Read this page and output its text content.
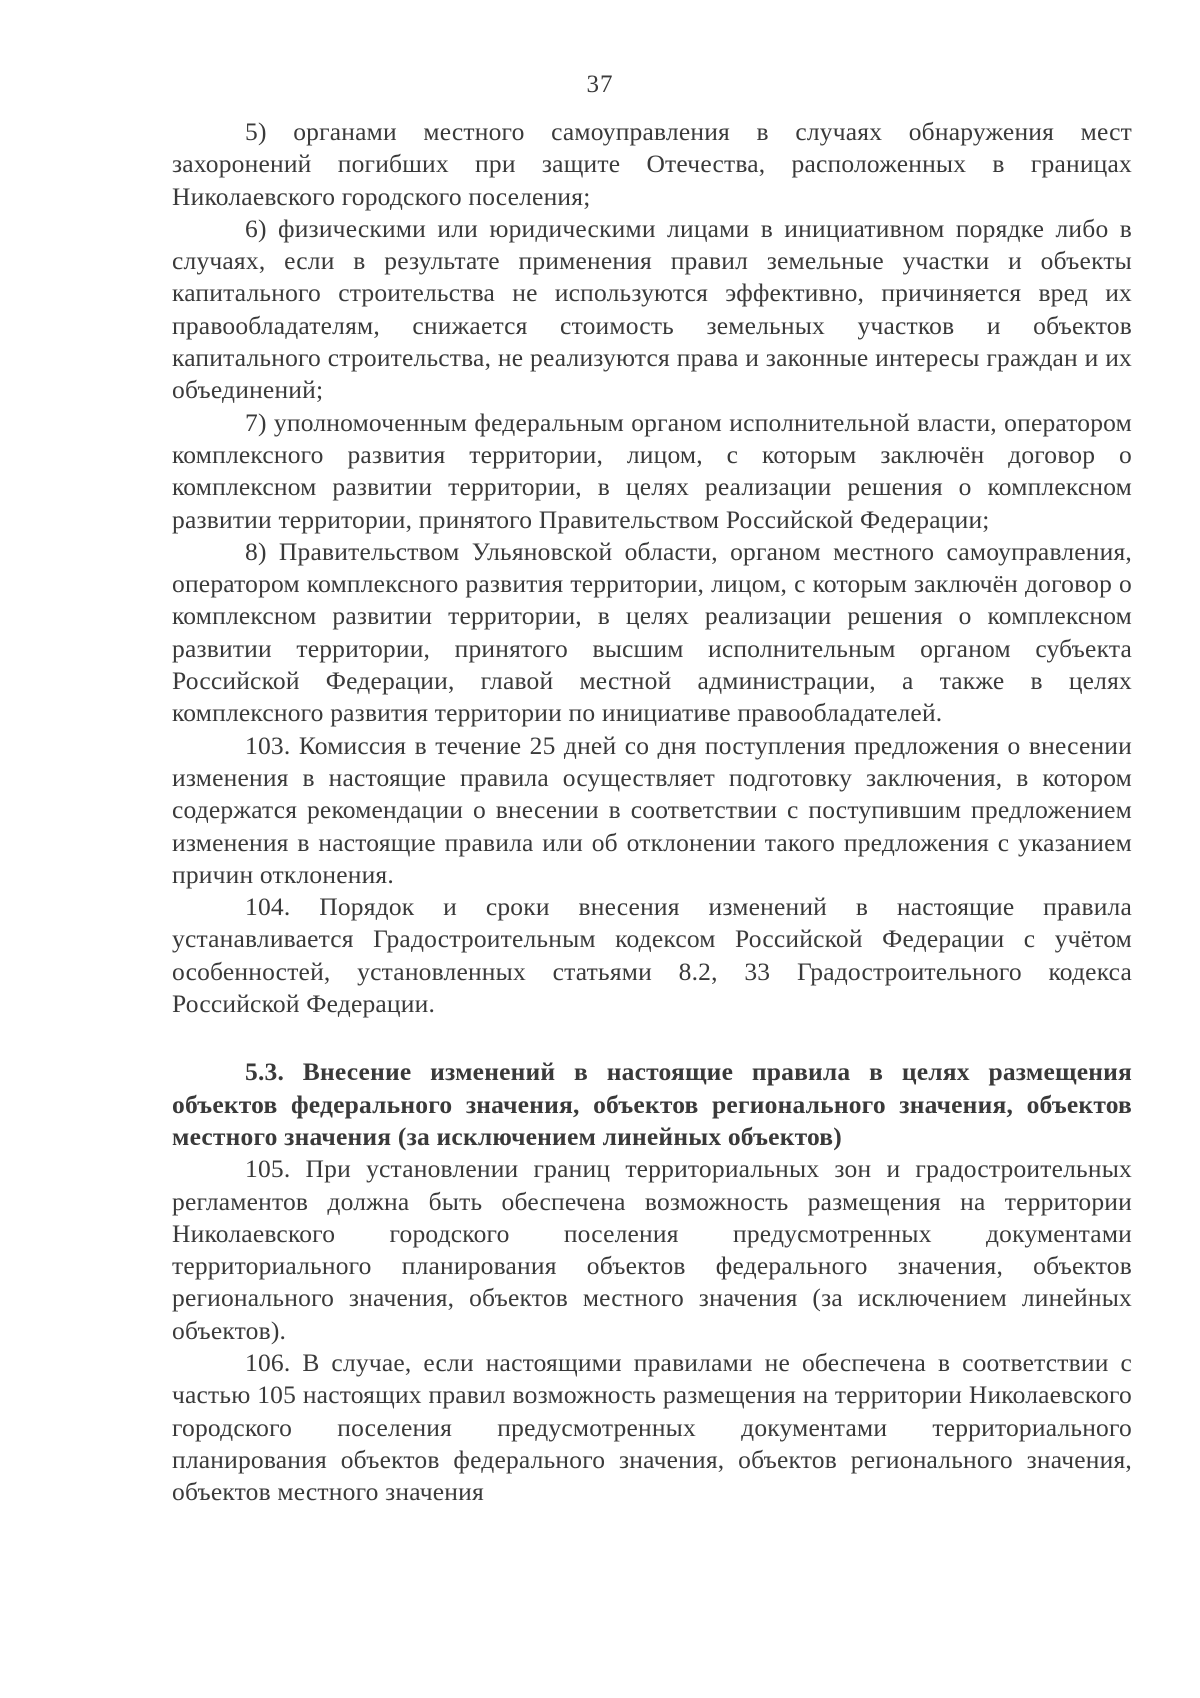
37

5) органами местного самоуправления в случаях обнаружения мест захоронений погибших при защите Отечества, расположенных в границах Николаевского городского поселения;

6) физическими или юридическими лицами в инициативном порядке либо в случаях, если в результате применения правил земельные участки и объекты капитального строительства не используются эффективно, причиняется вред их правообладателям, снижается стоимость земельных участков и объектов капитального строительства, не реализуются права и законные интересы граждан и их объединений;

7) уполномоченным федеральным органом исполнительной власти, оператором комплексного развития территории, лицом, с которым заключён договор о комплексном развитии территории, в целях реализации решения о комплексном развитии территории, принятого Правительством Российской Федерации;

8) Правительством Ульяновской области, органом местного самоуправления, оператором комплексного развития территории, лицом, с которым заключён договор о комплексном развитии территории, в целях реализации решения о комплексном развитии территории, принятого высшим исполнительным органом субъекта Российской Федерации, главой местной администрации, а также в целях комплексного развития территории по инициативе правообладателей.

103. Комиссия в течение 25 дней со дня поступления предложения о внесении изменения в настоящие правила осуществляет подготовку заключения, в котором содержатся рекомендации о внесении в соответствии с поступившим предложением изменения в настоящие правила или об отклонении такого предложения с указанием причин отклонения.

104. Порядок и сроки внесения изменений в настоящие правила устанавливается Градостроительным кодексом Российской Федерации с учётом особенностей, установленных статьями 8.2, 33 Градостроительного кодекса Российской Федерации.

5.3. Внесение изменений в настоящие правила в целях размещения объектов федерального значения, объектов регионального значения, объектов местного значения (за исключением линейных объектов)

105. При установлении границ территориальных зон и градостроительных регламентов должна быть обеспечена возможность размещения на территории Николаевского городского поселения предусмотренных документами территориального планирования объектов федерального значения, объектов регионального значения, объектов местного значения (за исключением линейных объектов).

106. В случае, если настоящими правилами не обеспечена в соответствии с частью 105 настоящих правил возможность размещения на территории Николаевского городского поселения предусмотренных документами территориального планирования объектов федерального значения, объектов регионального значения, объектов местного значения
